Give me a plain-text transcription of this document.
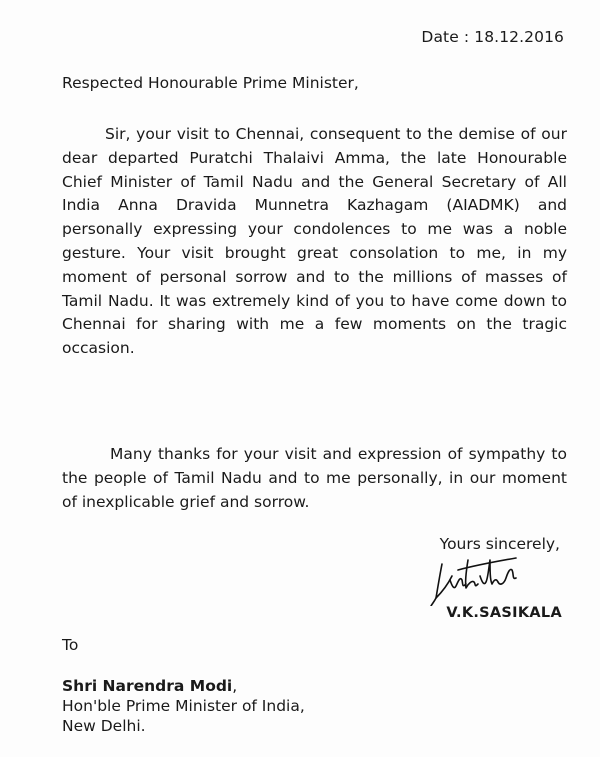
Date : 18.12.2016
Respected Honourable Prime Minister,

Sir, your visit to Chennai, consequent to the demise of our dear departed Puratchi Thalaivi Amma, the late Honourable Chief Minister of Tamil Nadu and the General Secretary of All India Anna Dravida Munnetra Kazhagam (AIADMK) and personally expressing your condolences to me was a noble gesture. Your visit brought great consolation to me, in my moment of personal sorrow and to the millions of masses of Tamil Nadu. It was extremely kind of you to have come down to Chennai for sharing with me a few moments on the tragic occasion.

Many thanks for your visit and expression of sympathy to the people of Tamil Nadu and to me personally, in our moment of inexplicable grief and sorrow.

Yours sincerely,
V.K.SASIKALA
To
Shri Narendra Modi,
Hon'ble Prime Minister of India,
New Delhi.
